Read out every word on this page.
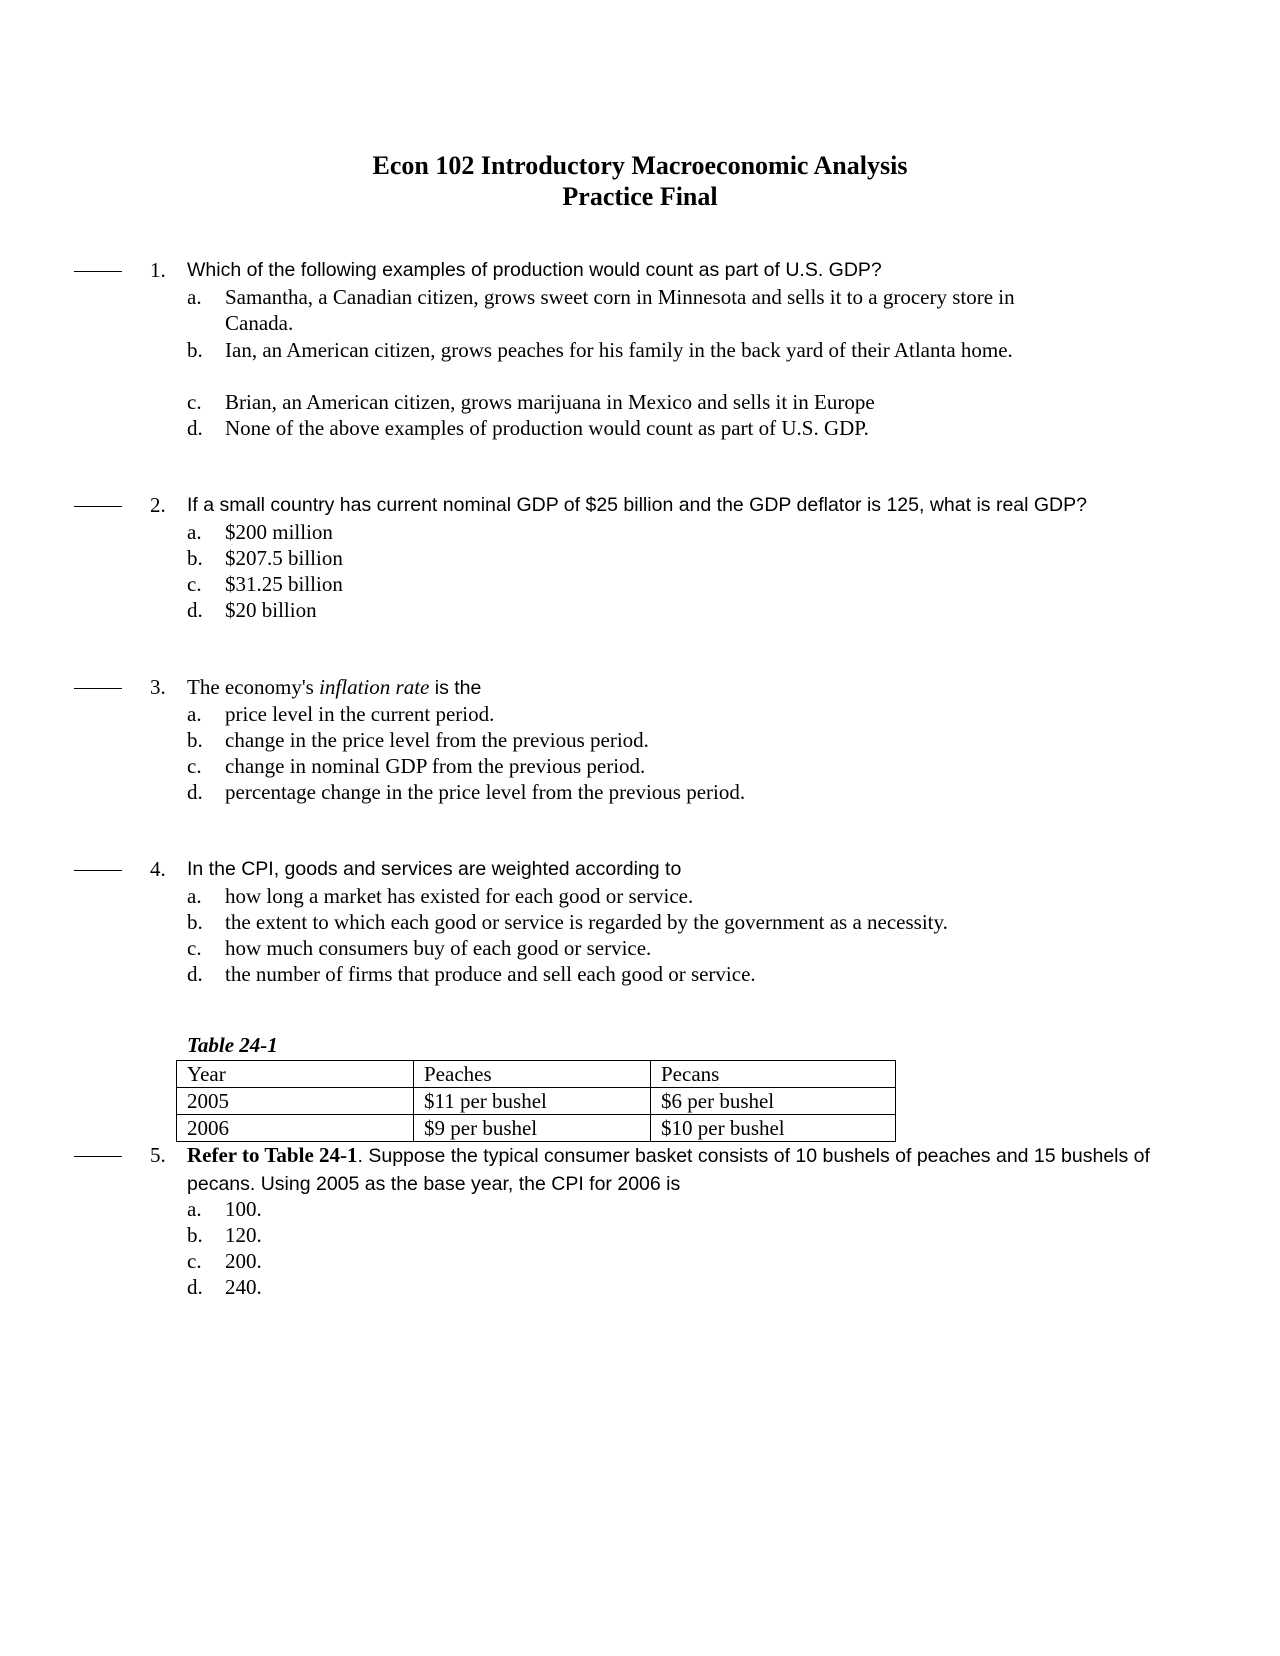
Econ 102 Introductory Macroeconomic Analysis
Practice Final
1. Which of the following examples of production would count as part of U.S. GDP?
a.	Samantha, a Canadian citizen, grows sweet corn in Minnesota and sells it to a grocery store in Canada.
b.	Ian, an American citizen, grows peaches for his family in the back yard of their Atlanta home.
c.	Brian, an American citizen, grows marijuana in Mexico and sells it in Europe
d.	None of the above examples of production would count as part of U.S. GDP.
2. If a small country has current nominal GDP of $25 billion and the GDP deflator is 125, what is real GDP?
a.	$200 million
b.	$207.5 billion
c.	$31.25 billion
d.	$20 billion
3. The economy's inflation rate is the
a.	price level in the current period.
b.	change in the price level from the previous period.
c.	change in nominal GDP from the previous period.
d.	percentage change in the price level from the previous period.
4. In the CPI, goods and services are weighted according to
a.	how long a market has existed for each good or service.
b.	the extent to which each good or service is regarded by the government as a necessity.
c.	how much consumers buy of each good or service.
d.	the number of firms that produce and sell each good or service.
Table 24-1
Year	Peaches	Pecans
2005	$11 per bushel	$6 per bushel
2006	$9 per bushel	$10 per bushel
5. Refer to Table 24-1. Suppose the typical consumer basket consists of 10 bushels of peaches and 15 bushels of pecans. Using 2005 as the base year, the CPI for 2006 is
a.	100.
b.	120.
c.	200.
d.	240.
